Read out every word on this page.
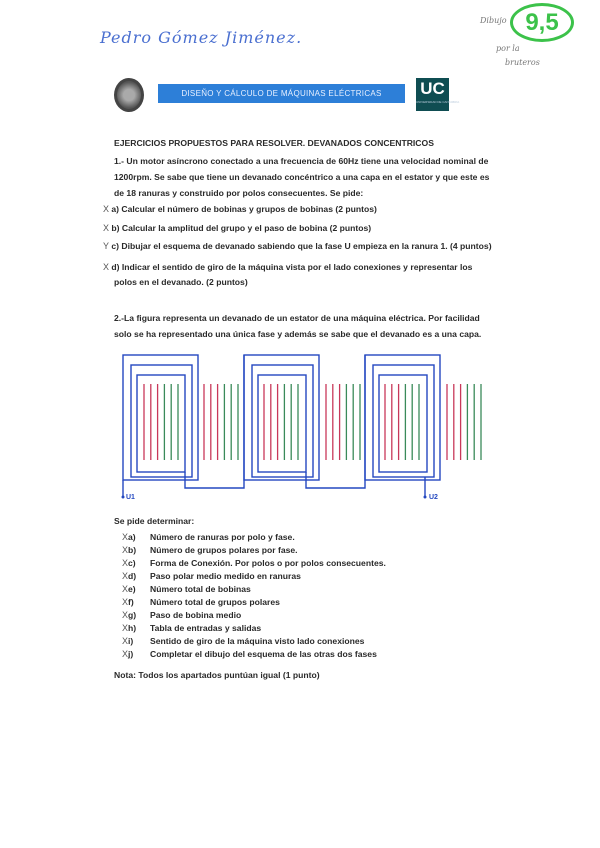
Pedro Gómez Jiménez.
9,5
Dibujo
por la
bruteros
DISEÑO Y CÁLCULO DE MÁQUINAS ELÉCTRICAS	UC
UNIVERSIDAD DE CANTABRIA
EJERCICIOS PROPUESTOS PARA RESOLVER. DEVANADOS CONCENTRICOS
1.- Un motor asíncrono conectado a una frecuencia de 60Hz tiene una velocidad nominal de
1200rpm. Se sabe que tiene un devanado concéntrico a una capa en el estator y que este es
de 18 ranuras y construido por polos consecuentes. Se pide:
X a) Calcular el número de bobinas y grupos de bobinas (2 puntos)
X b) Calcular la amplitud del grupo y el paso de bobina (2 puntos)
Y c) Dibujar el esquema de devanado sabiendo que la fase U empieza en la ranura 1. (4 puntos)
X d) Indicar el sentido de giro de la máquina vista por el lado conexiones y representar los
polos en el devanado. (2 puntos)
2.-La figura representa un devanado de un estator de una máquina eléctrica. Por facilidad
solo se ha representado una única fase y además se sabe que el devanado es a una capa.
U1	U2
Se pide determinar:
Xa) Número de ranuras por polo y fase.
Xb) Número de grupos polares por fase.
Xc) Forma de Conexión. Por polos o por polos consecuentes.
Xd) Paso polar medio medido en ranuras
Xe) Número total de bobinas
Xf) Número total de grupos polares
Xg) Paso de bobina medio
Xh) Tabla de entradas y salidas
Xi) Sentido de giro de la máquina visto lado conexiones
Xj) Completar el dibujo del esquema de las otras dos fases
Nota: Todos los apartados puntúan igual (1 punto)
